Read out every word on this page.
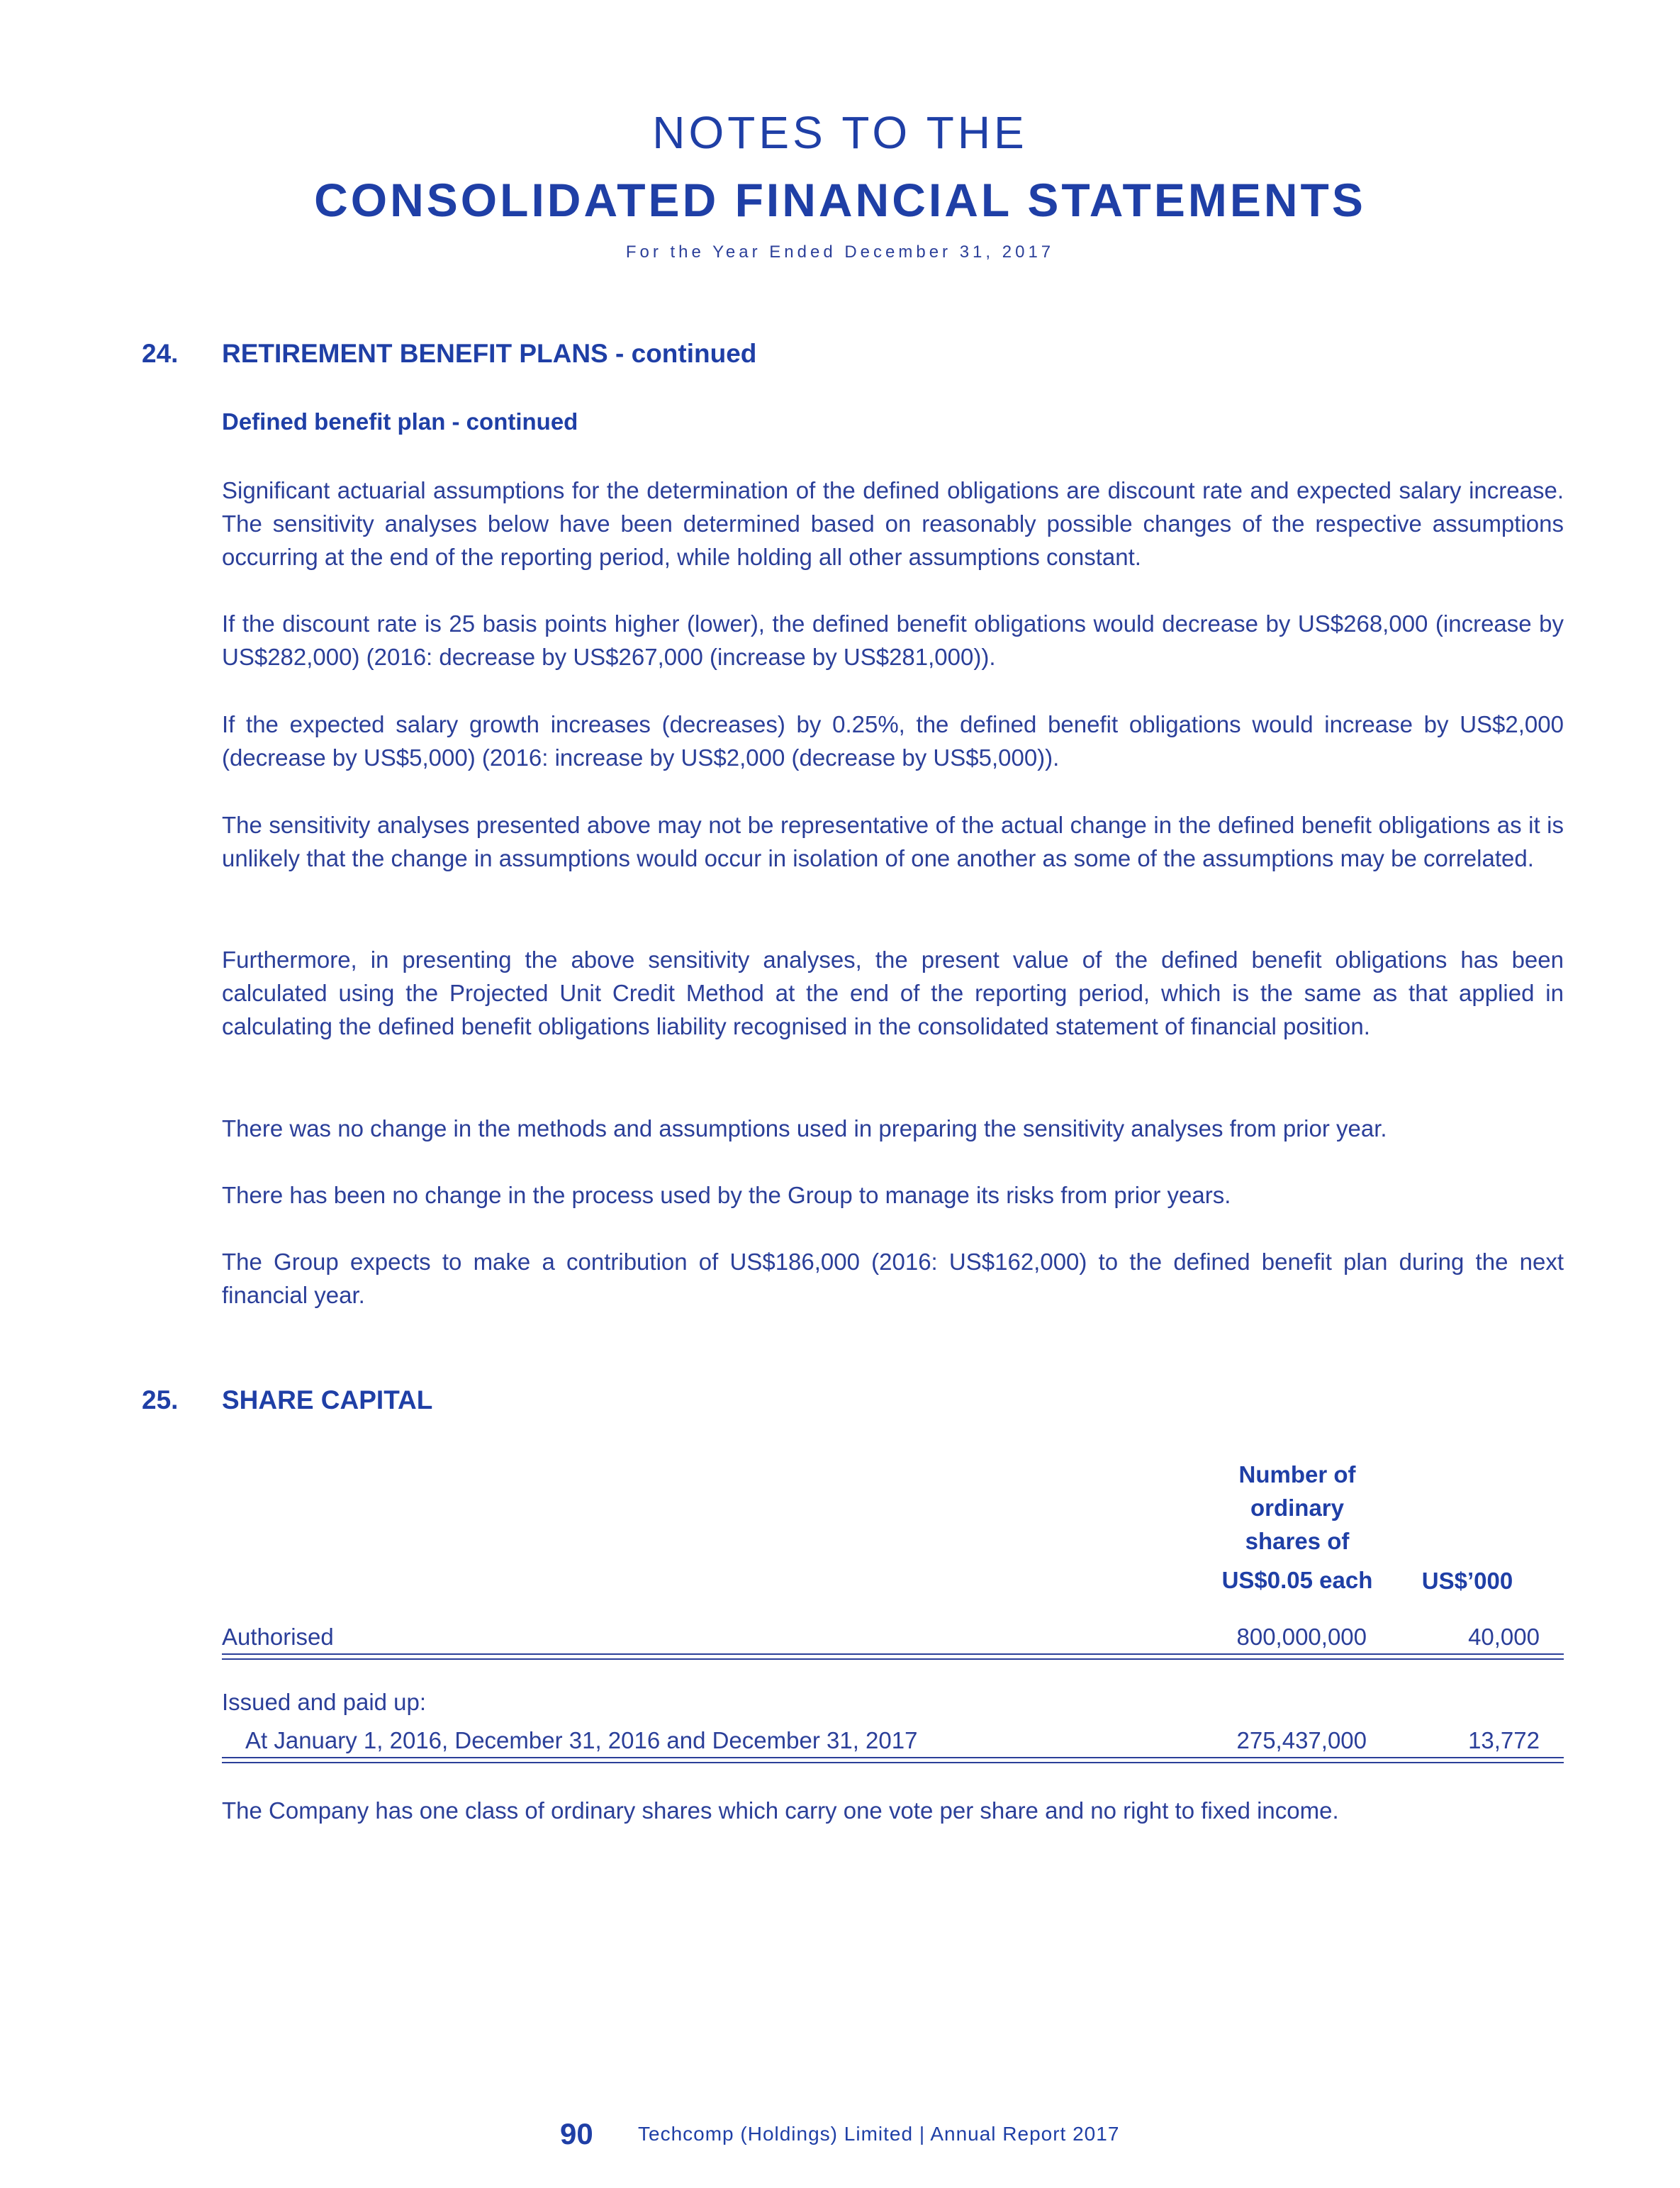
NOTES TO THE
CONSOLIDATED FINANCIAL STATEMENTS
For the Year Ended December 31, 2017
24. RETIREMENT BENEFIT PLANS - continued
Defined benefit plan - continued
Significant actuarial assumptions for the determination of the defined obligations are discount rate and expected salary increase. The sensitivity analyses below have been determined based on reasonably possible changes of the respective assumptions occurring at the end of the reporting period, while holding all other assumptions constant.
If the discount rate is 25 basis points higher (lower), the defined benefit obligations would decrease by US$268,000 (increase by US$282,000) (2016: decrease by US$267,000 (increase by US$281,000)).
If the expected salary growth increases (decreases) by 0.25%, the defined benefit obligations would increase by US$2,000 (decrease by US$5,000) (2016: increase by US$2,000 (decrease by US$5,000)).
The sensitivity analyses presented above may not be representative of the actual change in the defined benefit obligations as it is unlikely that the change in assumptions would occur in isolation of one another as some of the assumptions may be correlated.
Furthermore, in presenting the above sensitivity analyses, the present value of the defined benefit obligations has been calculated using the Projected Unit Credit Method at the end of the reporting period, which is the same as that applied in calculating the defined benefit obligations liability recognised in the consolidated statement of financial position.
There was no change in the methods and assumptions used in preparing the sensitivity analyses from prior year.
There has been no change in the process used by the Group to manage its risks from prior years.
The Group expects to make a contribution of US$186,000 (2016: US$162,000) to the defined benefit plan during the next financial year.
25. SHARE CAPITAL
Number of
ordinary
shares of
US$0.05 each	US$’000
Authorised	800,000,000	40,000
Issued and paid up:
At January 1, 2016, December 31, 2016 and December 31, 2017	275,437,000	13,772
The Company has one class of ordinary shares which carry one vote per share and no right to fixed income.
90 Techcomp (Holdings) Limited | Annual Report 2017
